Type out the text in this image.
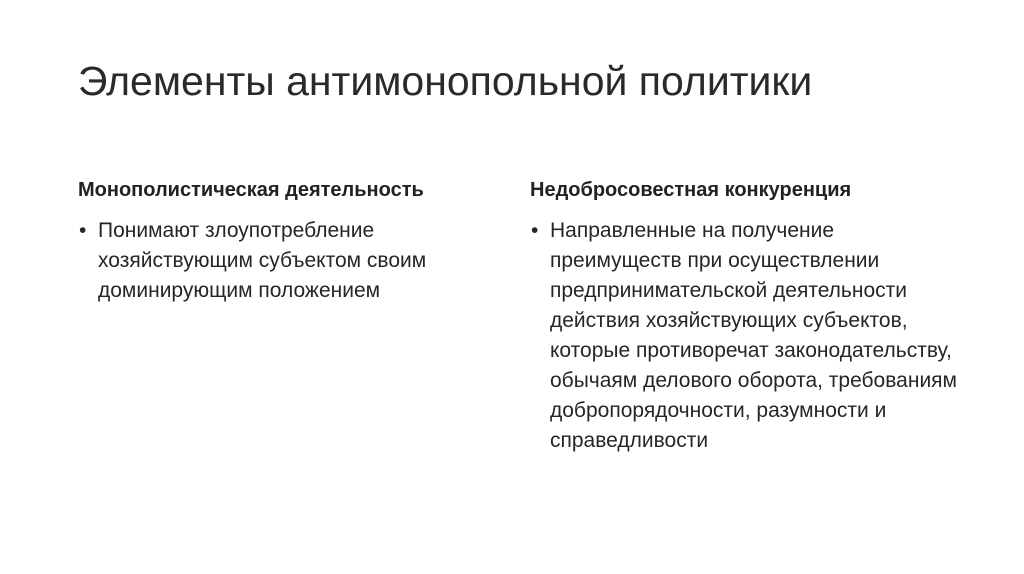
Элементы антимонопольной политики
Монополистическая деятельность
• Понимают злоупотребление хозяйствующим субъектом своим доминирующим положением
Недобросовестная конкуренция
• Направленные на получение преимуществ при осуществлении предпринимательской деятельности действия хозяйствующих субъектов, которые противоречат законодательству, обычаям делового оборота, требованиям добропорядочности, разумности и справедливости
